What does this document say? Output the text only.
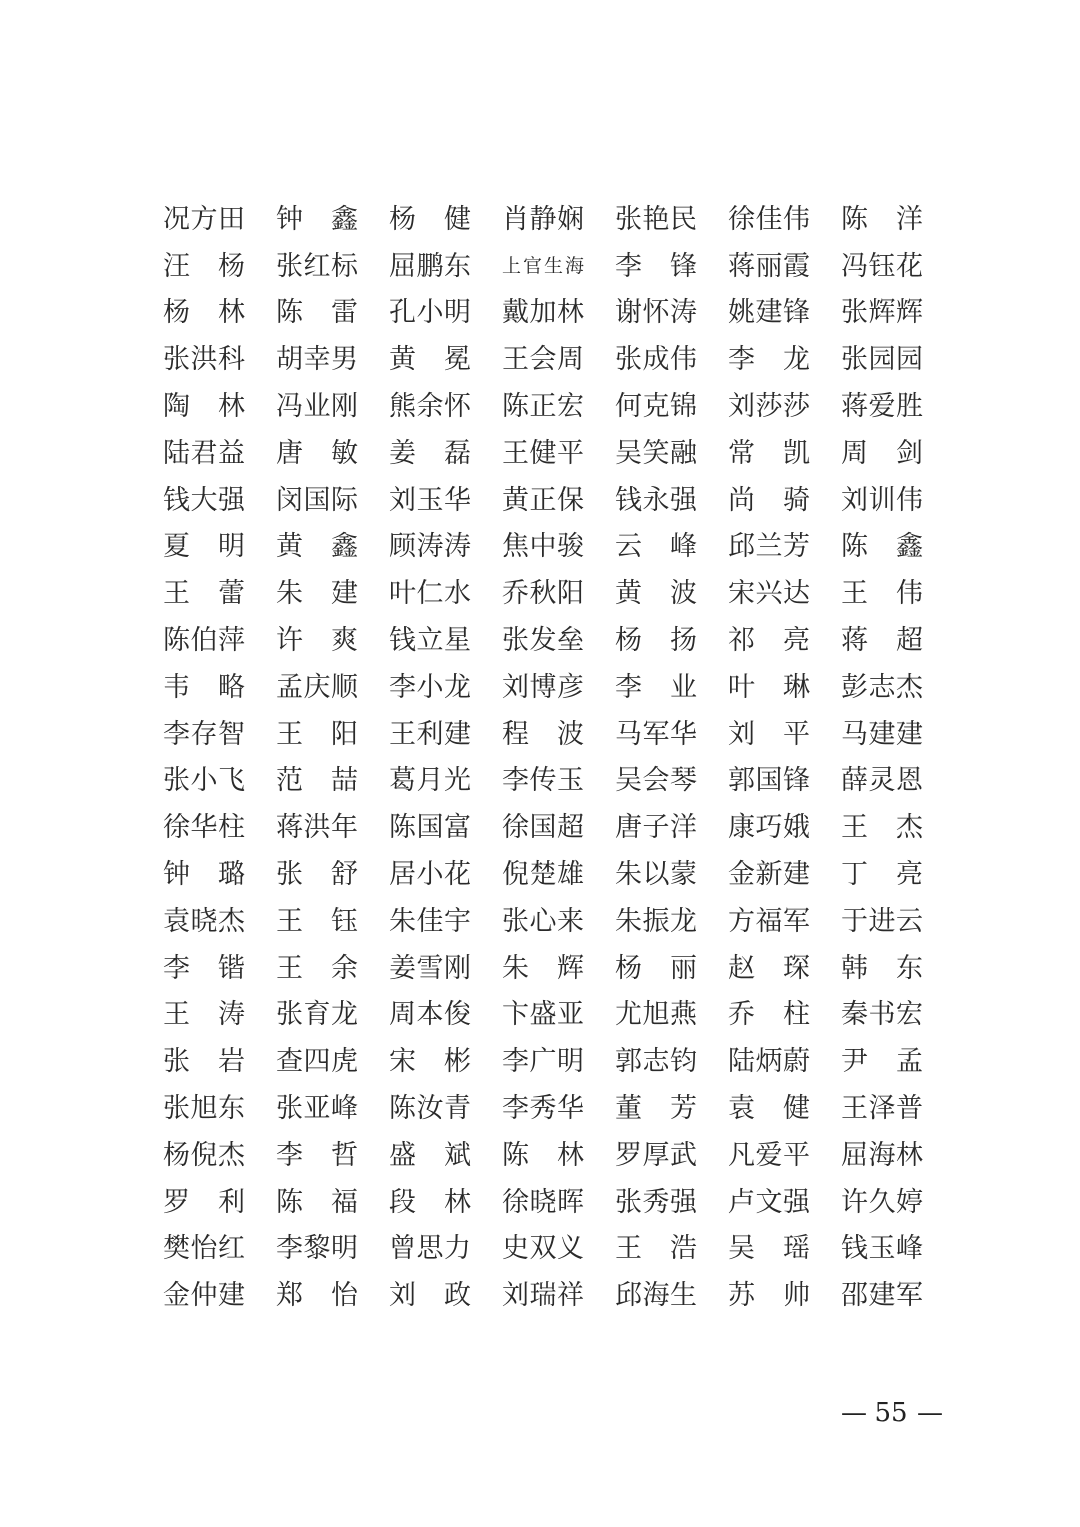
况 方 田 钟 鑫 杨 健 肖 静 娴 张 艳 民 徐 佳 伟 陈 洋
汪 杨 张 红 标 屈 鹏 东 上 官 生 海 李 锋 蒋 丽 霞 冯 钰 花
杨 林 陈 雷 孔 小 明 戴 加 林 谢 怀 涛 姚 建 锋 张 辉 辉
张 洪 科 胡 幸 男 黄 冕 王 会 周 张 成 伟 李 龙 张 园 园
陶 林 冯 业 刚 熊 余 怀 陈 正 宏 何 克 锦 刘 莎 莎 蒋 爱 胜
陆 君 益 唐 敏 姜 磊 王 健 平 吴 笑 融 常 凯 周 剑
钱 大 强 闵 国 际 刘 玉 华 黄 正 保 钱 永 强 尚 骑 刘 训 伟
夏 明 黄 鑫 顾 涛 涛 焦 中 骏 云 峰 邱 兰 芳 陈 鑫
王 蕾 朱 建 叶 仁 水 乔 秋 阳 黄 波 宋 兴 达 王 伟
陈 伯 萍 许 爽 钱 立 星 张 发 垒 杨 扬 祁 亮 蒋 超
韦 略 孟 庆 顺 李 小 龙 刘 博 彦 李 业 叶 琳 彭 志 杰
李 存 智 王 阳 王 利 建 程 波 马 军 华 刘 平 马 建 建
张 小 飞 范 喆 葛 月 光 李 传 玉 吴 会 琴 郭 国 锋 薛 灵 恩
徐 华 柱 蒋 洪 年 陈 国 富 徐 国 超 唐 子 洋 康 巧 娥 王 杰
钟 璐 张 舒 居 小 花 倪 楚 雄 朱 以 蒙 金 新 建 丁 亮
袁 晓 杰 王 钰 朱 佳 宇 张 心 来 朱 振 龙 方 福 军 于 进 云
李 锴 王 余 姜 雪 刚 朱 辉 杨 丽 赵 琛 韩 东
王 涛 张 育 龙 周 本 俊 卞 盛 亚 尤 旭 燕 乔 柱 秦 书 宏
张 岩 查 四 虎 宋 彬 李 广 明 郭 志 钧 陆 炳 蔚 尹 孟
张 旭 东 张 亚 峰 陈 汝 青 李 秀 华 董 芳 袁 健 王 泽 普
杨 倪 杰 李 哲 盛 斌 陈 林 罗 厚 武 凡 爱 平 屈 海 林
罗 利 陈 福 段 林 徐 晓 晖 张 秀 强 卢 文 强 许 久 婷
樊 怡 红 李 黎 明 曾 思 力 史 双 义 王 浩 吴 瑶 钱 玉 峰
金 仲 建 郑 怡 刘 政 刘 瑞 祥 邱 海 生 苏 帅 邵 建 军
— 55 —
